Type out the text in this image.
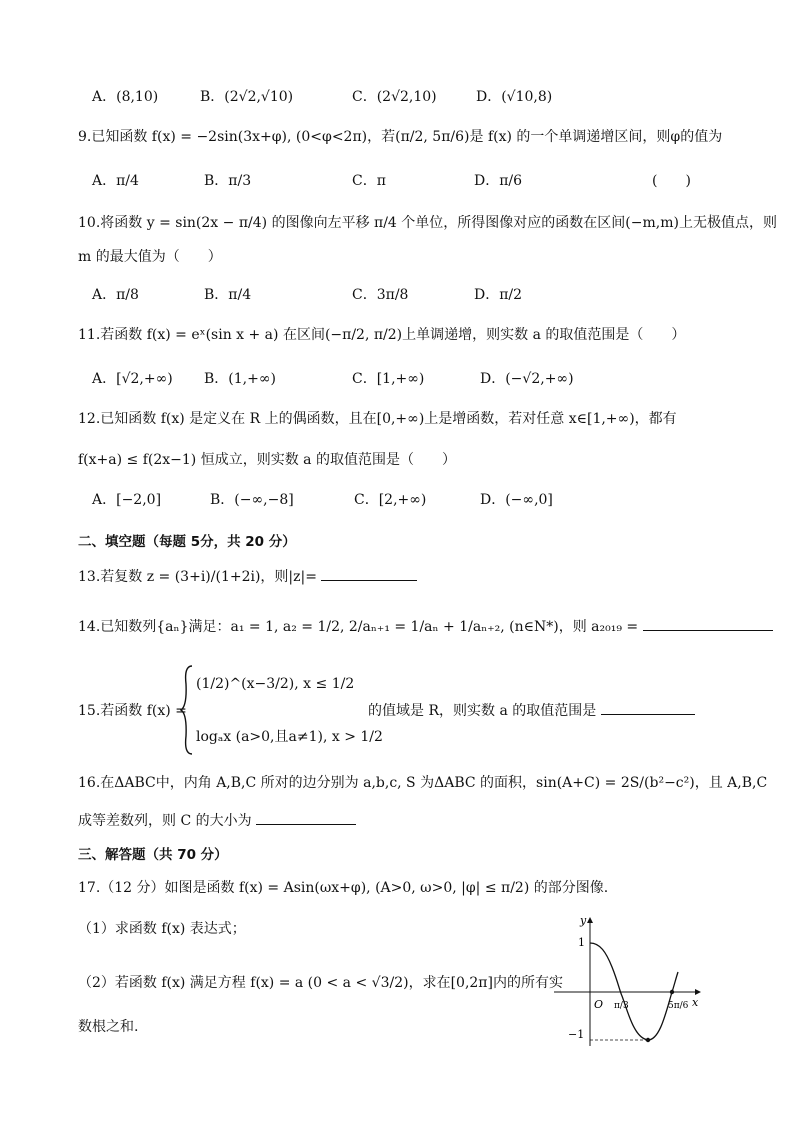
A．(8,10)	B．(2√2,√10)	C．(2√2,10)	D．(√10,8)
9.已知函数 f(x) = −2sin(3x+φ), (0<φ<2π)，若(π/2, 5π/6)是 f(x) 的一个单调递增区间，则φ的值为
A．π/4	B．π/3	C．π	D．π/6	(　　)
10.将函数 y = sin(2x − π/4) 的图像向左平移 π/4 个单位，所得图像对应的函数在区间(−m,m)上无极值点，则
m 的最大值为（　　）
A．π/8	B．π/4	C．3π/8	D．π/2
11.若函数 f(x) = eˣ(sin x + a) 在区间(−π/2, π/2)上单调递增，则实数 a 的取值范围是（　　）
A．[√2,+∞) B．(1,+∞)	C．[1,+∞)	D．(−√2,+∞)
12.已知函数 f(x) 是定义在 R 上的偶函数，且在[0,+∞)上是增函数，若对任意 x∈[1,+∞)，都有
f(x+a) ≤ f(2x−1) 恒成立，则实数 a 的取值范围是（　　）
A．[−2,0]	B．(−∞,−8]	C．[2,+∞)	D．(−∞,0]
二、填空题（每题 5分，共 20 分）
13.若复数 z = (3+i)/(1+2i)，则|z|=
14.已知数列{aₙ}满足：a₁ = 1, a₂ = 1/2, 2/aₙ₊₁ = 1/aₙ + 1/aₙ₊₂, (n∈N*)，则 a₂₀₁₉ =
15.若函数 f(x) =
(1/2)^(x−3/2), x ≤ 1/2
logₐx (a>0,且a≠1), x > 1/2
的值域是 R，则实数 a 的取值范围是
16.在ΔABC中，内角 A,B,C 所对的边分别为 a,b,c, S 为ΔABC 的面积，sin(A+C) = 2S/(b²−c²)，且 A,B,C
成等差数列，则 C 的大小为
三、解答题（共 70 分）
17.（12 分）如图是函数 f(x) = Asin(ωx+φ), (A>0, ω>0, |φ| ≤ π/2) 的部分图像.
（1）求函数 f(x) 表达式；
（2）若函数 f(x) 满足方程 f(x) = a (0 < a < √3/2)，求在[0,2π]内的所有实
数根之和.
y
x
1
−1
O π/3	5π/6
